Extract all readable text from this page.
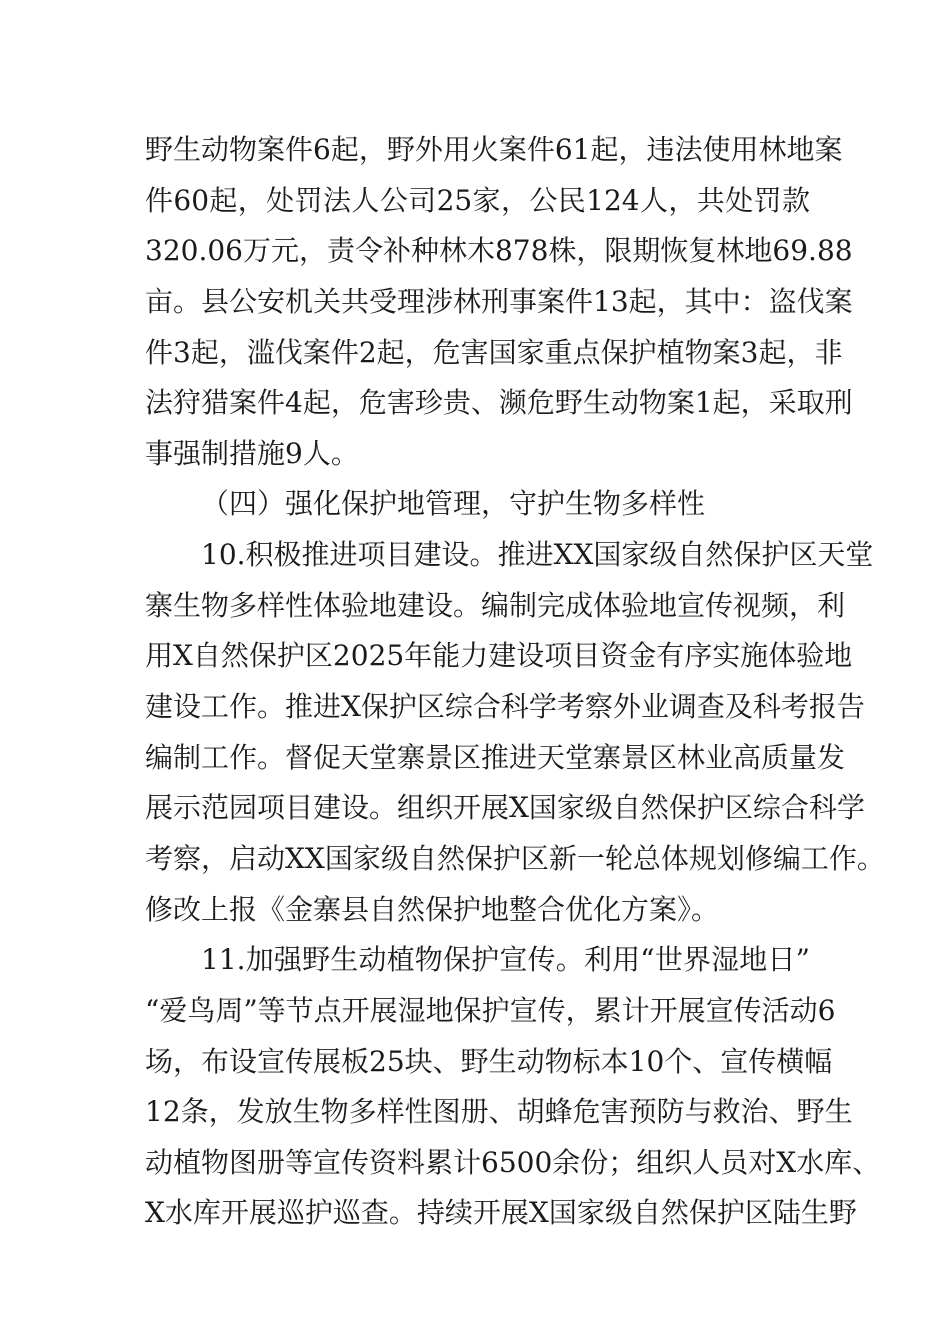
野生动物案件6起，野外用火案件61起，违法使用林地案
件60起，处罚法人公司25家，公民124人，共处罚款
320.06万元，责令补种林木878株，限期恢复林地69.88
亩。县公安机关共受理涉林刑事案件13起，其中：盗伐案
件3起，滥伐案件2起，危害国家重点保护植物案3起，非
法狩猎案件4起，危害珍贵、濒危野生动物案1起，采取刑
事强制措施9人。
（四）强化保护地管理，守护生物多样性
10.积极推进项目建设。推进XX国家级自然保护区天堂
寨生物多样性体验地建设。编制完成体验地宣传视频，利
用X自然保护区2025年能力建设项目资金有序实施体验地
建设工作。推进X保护区综合科学考察外业调查及科考报告
编制工作。督促天堂寨景区推进天堂寨景区林业高质量发
展示范园项目建设。组织开展X国家级自然保护区综合科学
考察，启动XX国家级自然保护区新一轮总体规划修编工作。
修改上报《金寨县自然保护地整合优化方案》。
11.加强野生动植物保护宣传。利用“世界湿地日”
“爱鸟周”等节点开展湿地保护宣传，累计开展宣传活动6
场，布设宣传展板25块、野生动物标本10个、宣传横幅
12条，发放生物多样性图册、胡蜂危害预防与救治、野生
动植物图册等宣传资料累计6500余份；组织人员对X水库、
X水库开展巡护巡查。持续开展X国家级自然保护区陆生野
